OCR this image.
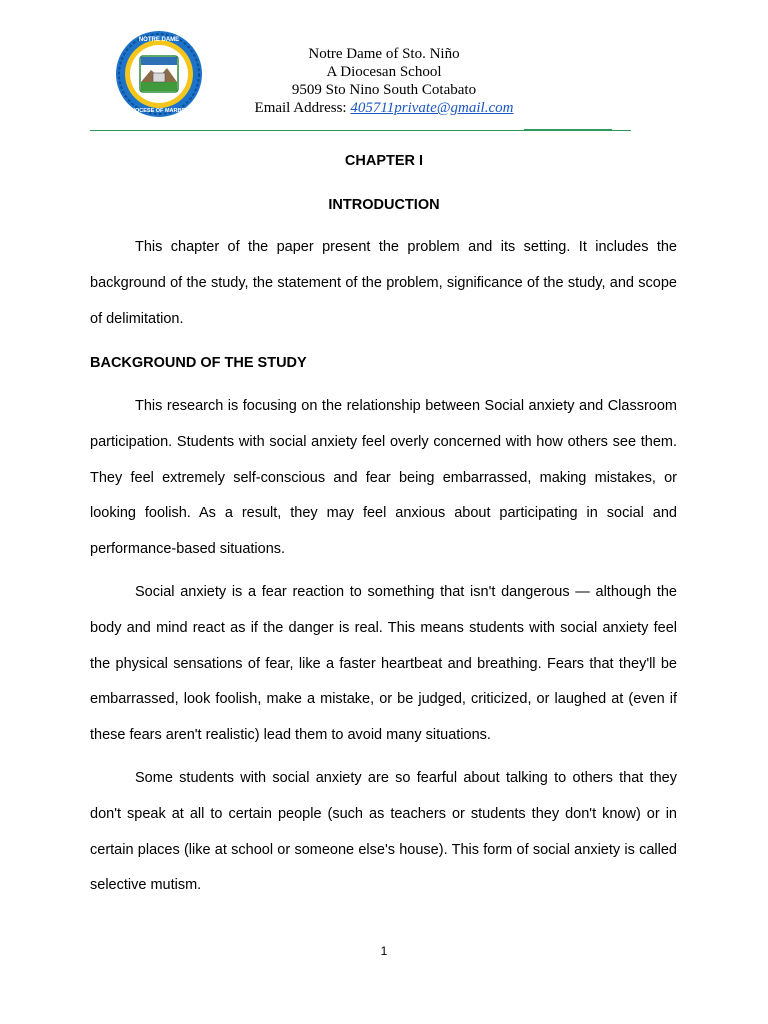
NOTRE DAME
DIOCESE OF MARBEL
Notre Dame of Sto. Niño
A Diocesan School
9509 Sto Nino South Cotabato
Email Address: 405711private@gmail.com
CHAPTER I
INTRODUCTION

This chapter of the paper present the problem and its setting. It includes the background of the study, the statement of the problem, significance of the study, and scope of delimitation.

BACKGROUND OF THE STUDY

This research is focusing on the relationship between Social anxiety and Classroom participation. Students with social anxiety feel overly concerned with how others see them. They feel extremely self-conscious and fear being embarrassed, making mistakes, or looking foolish. As a result, they may feel anxious about participating in social and performance-based situations.

Social anxiety is a fear reaction to something that isn't dangerous — although the body and mind react as if the danger is real. This means students with social anxiety feel the physical sensations of fear, like a faster heartbeat and breathing. Fears that they'll be embarrassed, look foolish, make a mistake, or be judged, criticized, or laughed at (even if these fears aren't realistic) lead them to avoid many situations.

Some students with social anxiety are so fearful about talking to others that they don't speak at all to certain people (such as teachers or students they don't know) or in certain places (like at school or someone else's house). This form of social anxiety is called selective mutism.

1
